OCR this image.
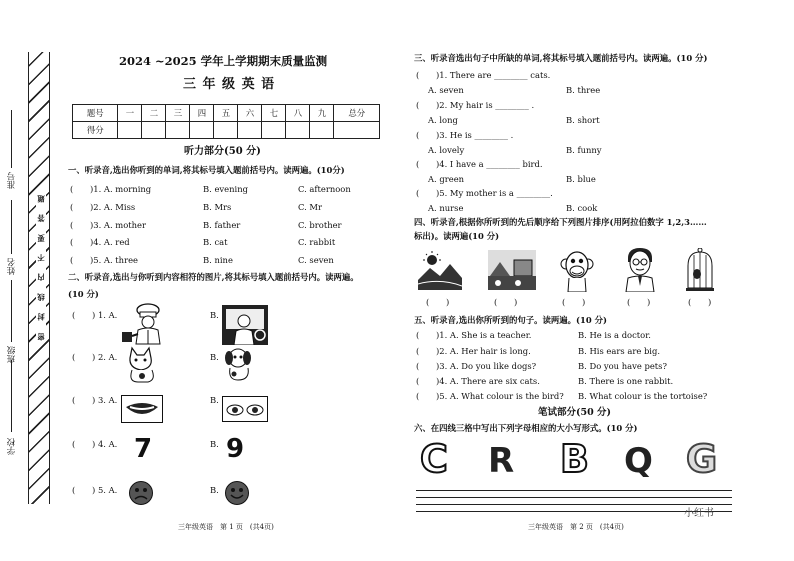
学校
班级
姓名
准号
密 封 线 内 不 要 答 题
2024 ~2025 学年上学期期末质量监测
三 年 级 英 语
题号	一	二	三	四	五	六	七	八	九	总分
得分										
听力部分(50 分)
一、听录音,选出你听到的单词,将其标号填入题前括号内。读两遍。(10分)
(　　)1. A. morning	B. evening	C. afternoon
(　　)2. A. Miss	B. Mrs	C. Mr
(　　)3. A. mother	B. father	C. brother
(　　)4. A. red	B. cat	C. rabbit
(　　)5. A. three	B. nine	C. seven
二、听录音,选出与你听到内容相符的图片,将其标号填入题前括号内。读两遍。
(10 分)
(　　) 1. A.	B.
(　　) 2. A.	B.
(　　) 3. A.	B.
(　　) 4. A. 7	B. 9
(　　) 5. A.	B.
三年级英语　第 1 页　(共4页)
三、听录音选出句子中所缺的单词,将其标号填入题前括号内。读两遍。(10 分)
(　　)1. There are ________ cats.
A. seven	B. three
(　　)2. My hair is ________ .
A. long	B. short
(　　)3. He is ________ .
A. lovely	B. funny
(　　)4. I have a ________ bird.
A. green	B. blue
(　　)5. My mother is a ________.
A. nurse	B. cook
四、听录音,根据你所听到的先后顺序给下列图片排序(用阿拉伯数字 1,2,3……
标出)。读两遍(10 分)
(　　)	(　　)	(　　)	(　　)	(　　)
五、听录音,选出你所听到的句子。读两遍。(10 分)
(　　)1. A. She is a teacher.	B. He is a doctor.
(　　)2. A. Her hair is long.	B. His ears are big.
(　　)3. A. Do you like dogs?	B. Do you have pets?
(　　)4. A. There are six cats.	B. There is one rabbit.
(　　)5. A. What colour is the bird? B. What colour is the tortoise?
笔试部分(50 分)
六、在四线三格中写出下列字母相应的大小写形式。(10 分)
C R B Q G
三年级英语　第 2 页　(共4页)
小红书
